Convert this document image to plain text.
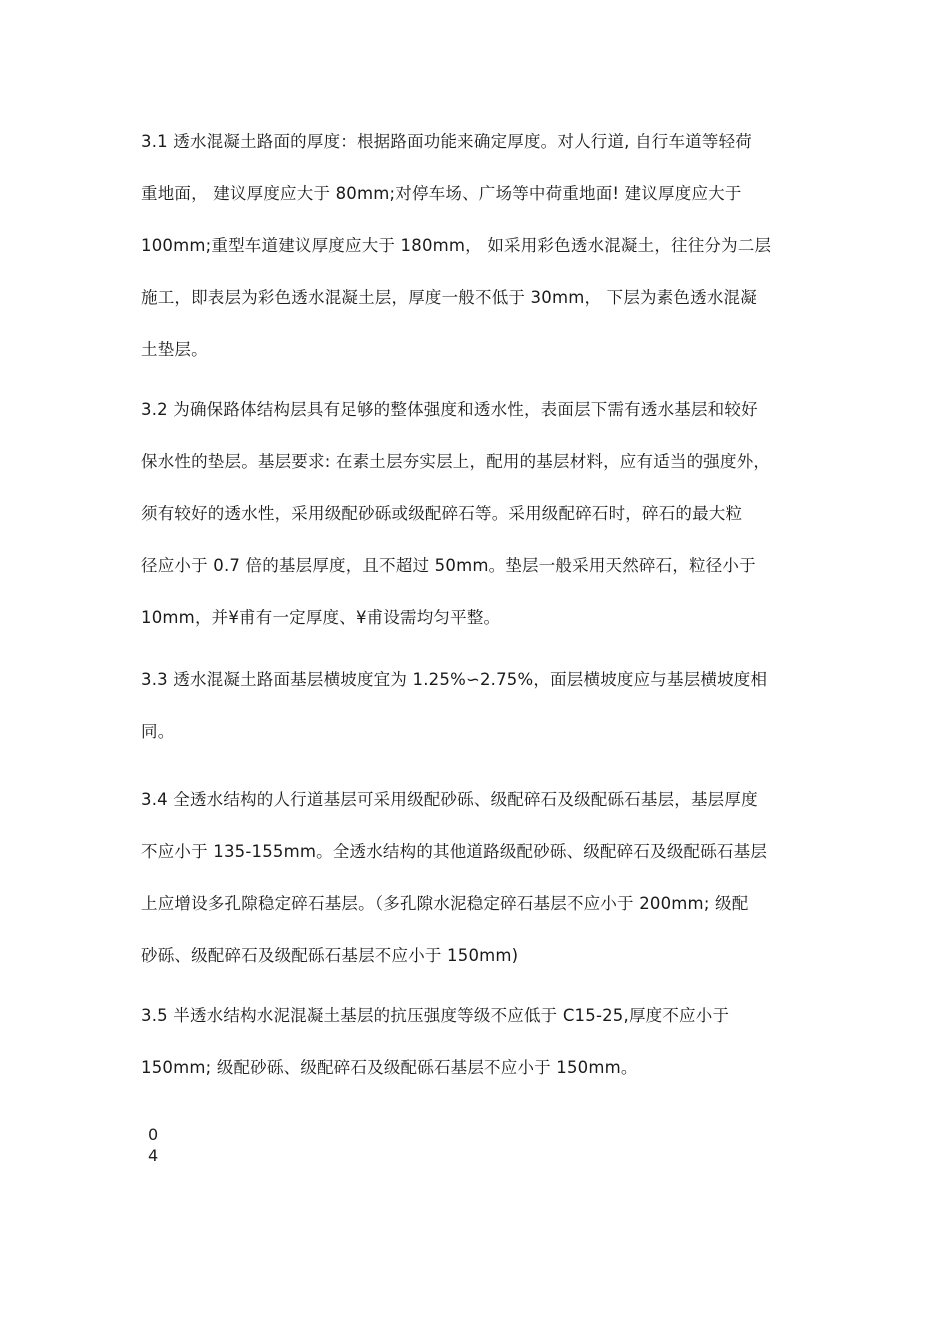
3.1 透水混凝土路面的厚度：根据路面功能来确定厚度。对人行道, 自行车道等轻荷
重地面， 建议厚度应大于 80mm;对停车场、广场等中荷重地面! 建议厚度应大于
100mm;重型车道建议厚度应大于 180mm， 如采用彩色透水混凝土，往往分为二层
施工，即表层为彩色透水混凝土层，厚度一般不低于 30mm， 下层为素色透水混凝
土垫层。
3.2 为确保路体结构层具有足够的整体强度和透水性，表面层下需有透水基层和较好
保水性的垫层。基层要求: 在素土层夯实层上，配用的基层材料，应有适当的强度外，
须有较好的透水性，采用级配砂砾或级配碎石等。采用级配碎石时，碎石的最大粒
径应小于 0.7 倍的基层厚度，且不超过 50mm。垫层一般采用天然碎石，粒径小于
10mm，并¥甫有一定厚度、¥甫设需均匀平整。
3.3 透水混凝土路面基层横坡度宜为 1.25%∽2.75%，面层横坡度应与基层横坡度相
同。
3.4 全透水结构的人行道基层可采用级配砂砾、级配碎石及级配砾石基层，基层厚度
不应小于 135-155mm。全透水结构的其他道路级配砂砾、级配碎石及级配砾石基层
上应增设多孔隙稳定碎石基层。（多孔隙水泥稳定碎石基层不应小于 200mm; 级配
砂砾、级配碎石及级配砾石基层不应小于 150mm)
3.5 半透水结构水泥混凝土基层的抗压强度等级不应低于 C15-25,厚度不应小于
150mm; 级配砂砾、级配碎石及级配砾石基层不应小于 150mm。
0
4
